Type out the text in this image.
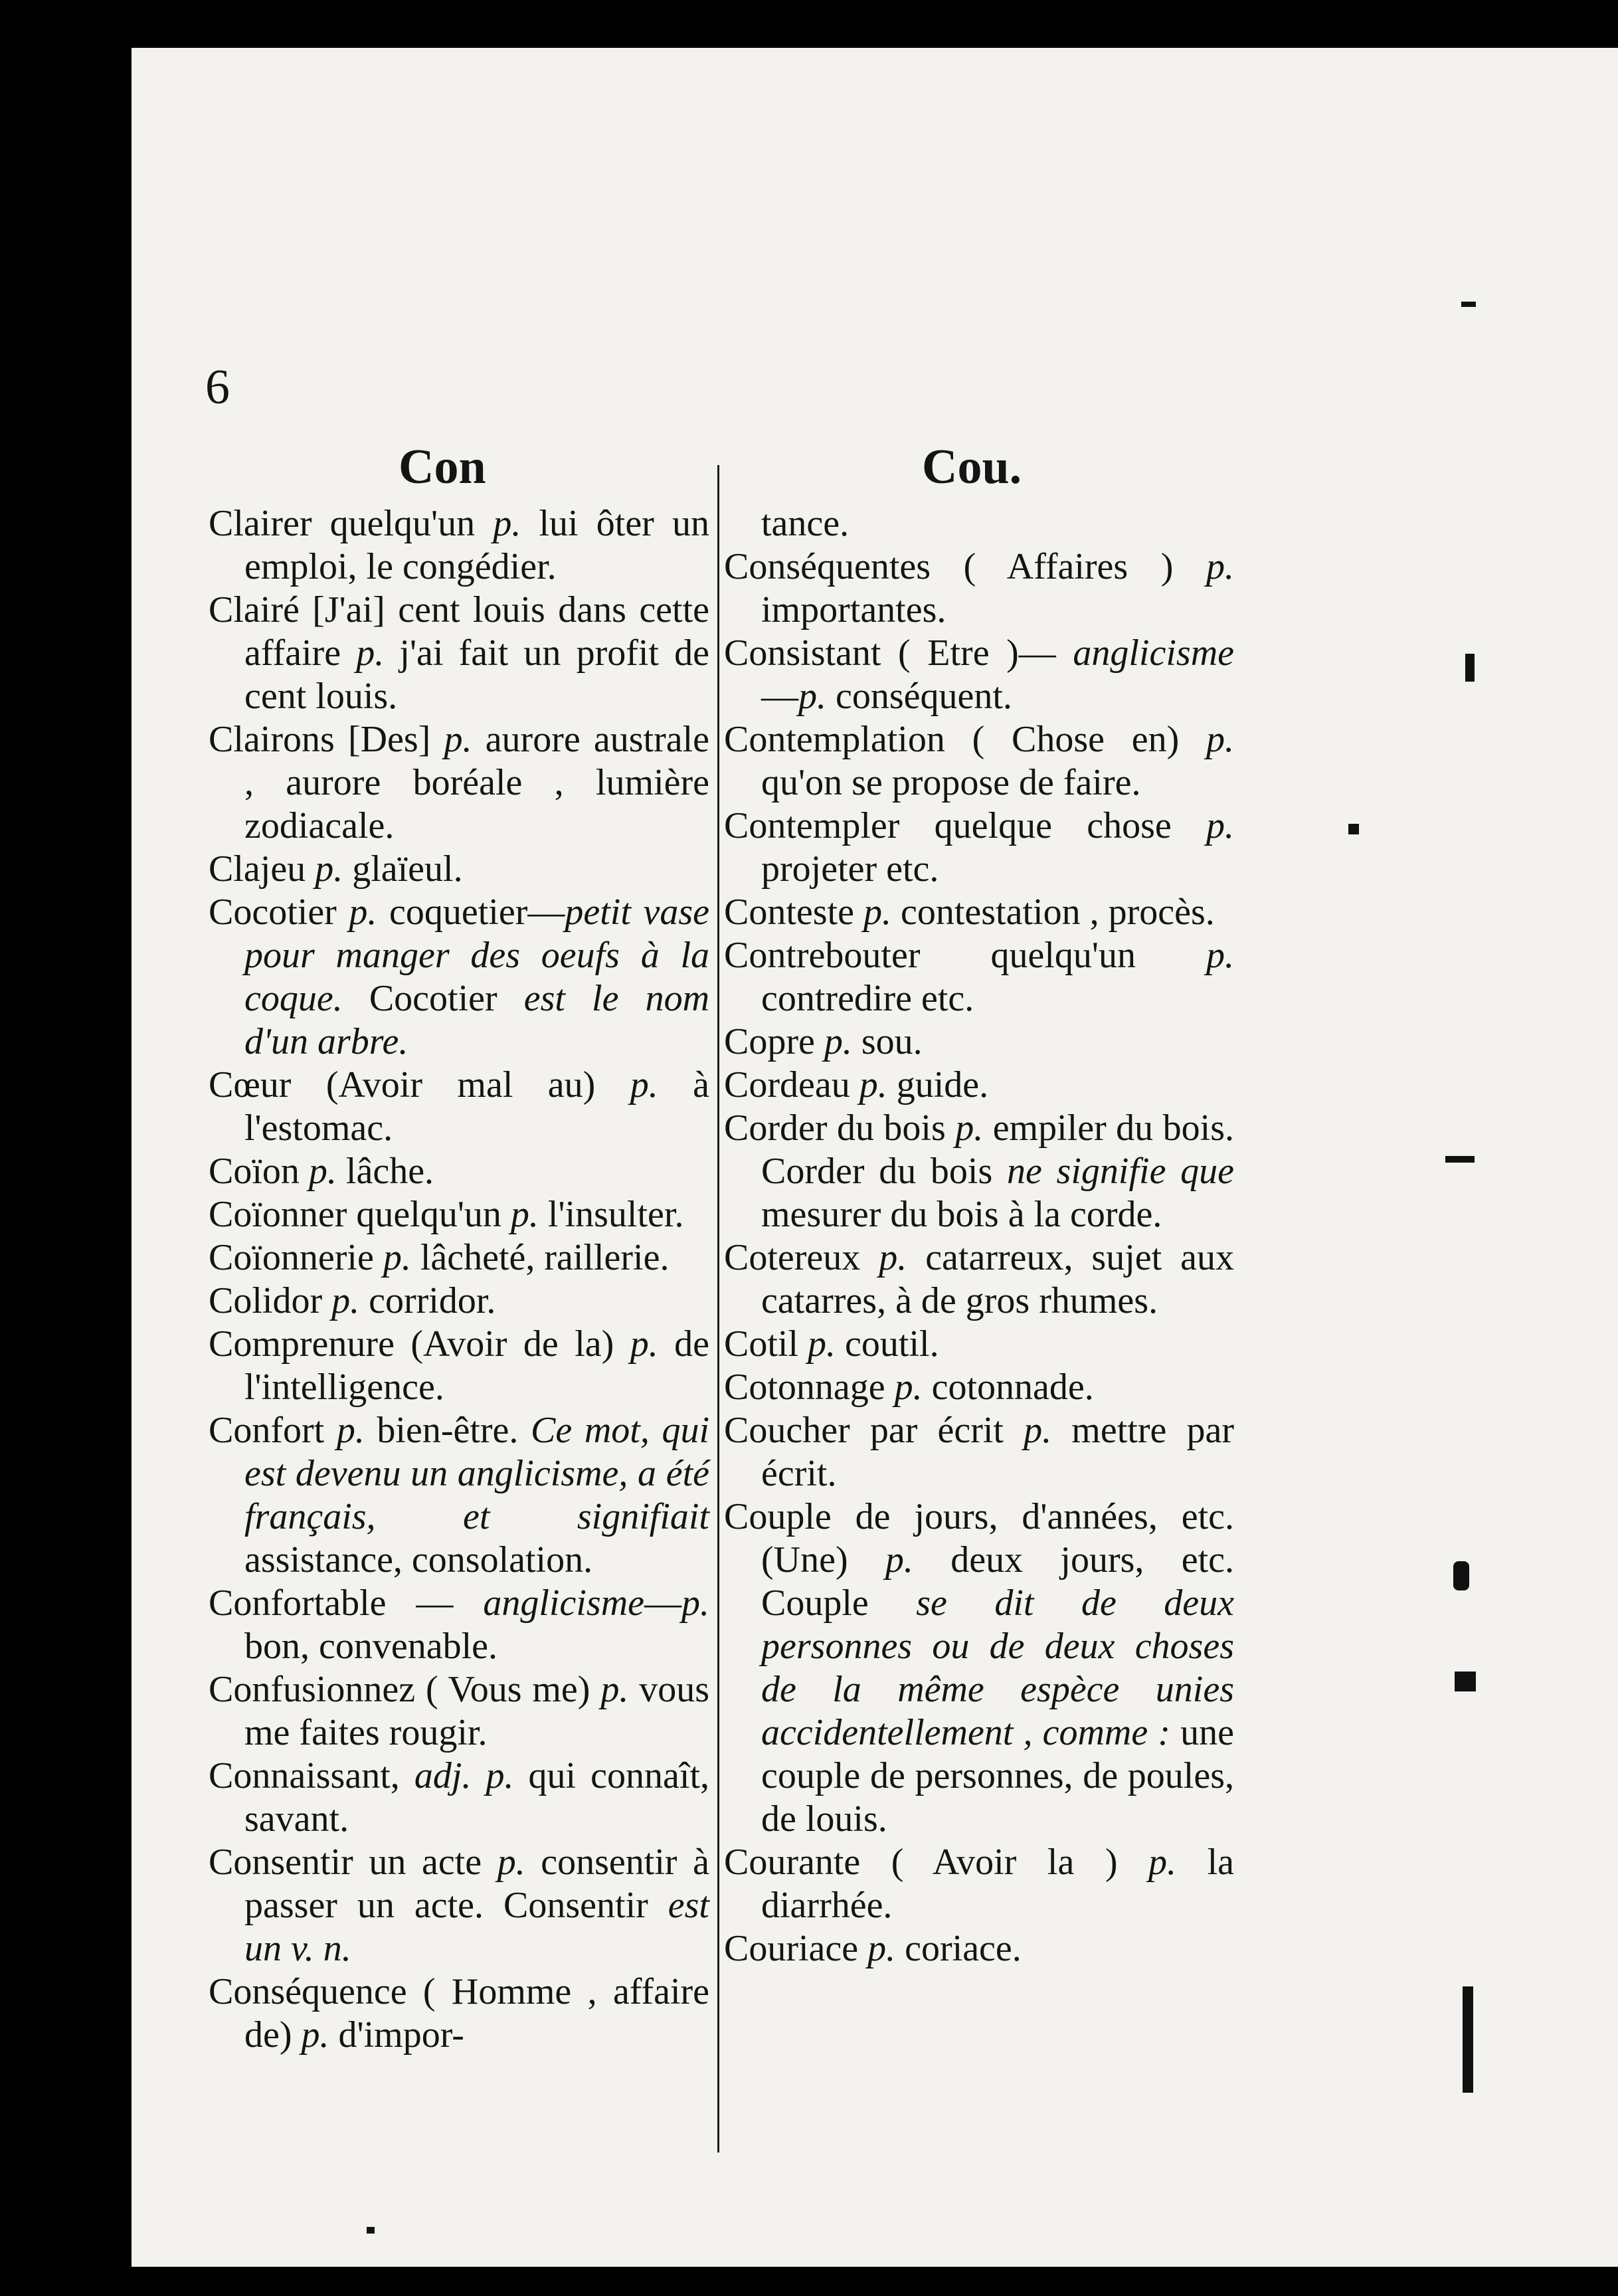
6
Con	Cou.

Clairer quelqu'un p. lui ôter un emploi, le congédier.

Clairé [J'ai] cent louis dans cette affaire p. j'ai fait un profit de cent louis.

Clairons [Des] p. aurore australe , aurore boréale , lumière zodiacale.

Clajeu p. glaïeul.

Cocotier p. coquetier—petit vase pour manger des oeufs à la coque. Cocotier est le nom d'un arbre.

Cœur (Avoir mal au) p. à l'estomac.

Coïon p. lâche.

Coïonner quelqu'un p. l'insulter.

Coïonnerie p. lâcheté, raillerie.

Colidor p. corridor.

Comprenure (Avoir de la) p. de l'intelligence.

Confort p. bien-être. Ce mot, qui est devenu un anglicisme, a été français, et signifiait assistance, consolation.

Confortable — anglicisme—p. bon, convenable.

Confusionnez ( Vous me) p. vous me faites rougir.

Connaissant, adj. p. qui connaît, savant.

Consentir un acte p. consentir à passer un acte. Consentir est un v. n.

Conséquence ( Homme , affaire de) p. d'impor-

tance.

Conséquentes ( Affaires ) p. importantes.

Consistant ( Etre )— anglicisme—p. conséquent.

Contemplation ( Chose en) p. qu'on se propose de faire.

Contempler quelque chose p. projeter etc.

Conteste p. contestation , procès.

Contrebouter quelqu'un p. contredire etc.

Copre p. sou.

Cordeau p. guide.

Corder du bois p. empiler du bois. Corder du bois ne signifie que mesurer du bois à la corde.

Cotereux p. catarreux, sujet aux catarres, à de gros rhumes.

Cotil p. coutil.

Cotonnage p. cotonnade.

Coucher par écrit p. mettre par écrit.

Couple de jours, d'années, etc. (Une) p. deux jours, etc. Couple se dit de deux personnes ou de deux choses de la même espèce unies accidentellement , comme : une couple de personnes, de poules, de louis.

Courante ( Avoir la ) p. la diarrhée.

Couriace p. coriace.
